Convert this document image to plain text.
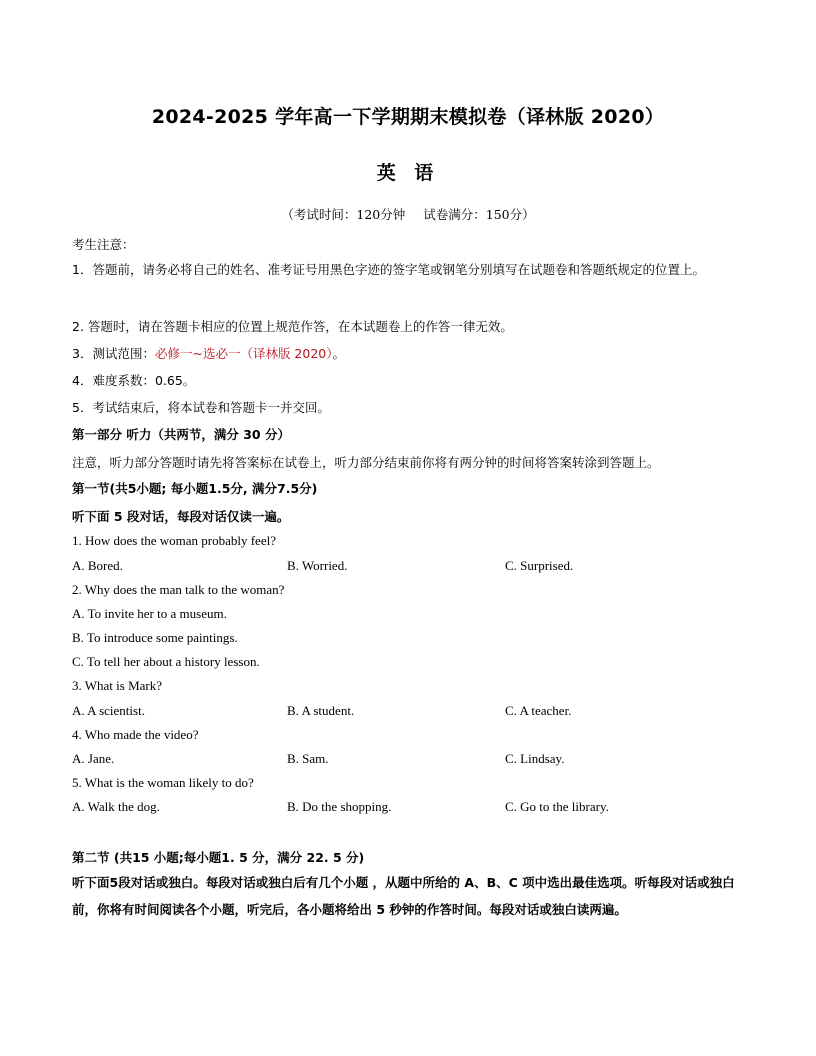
2024-2025 学年高一下学期期末模拟卷（译林版 2020）
英 语
（考试时间：120分钟 试卷满分：150分）
考生注意：
1．答题前，请务必将自己的姓名、准考证号用黑色字迹的签字笔或钢笔分别填写在试题卷和答题纸规定的位置上。
2. 答题时，请在答题卡相应的位置上规范作答，在本试题卷上的作答一律无效。
3．测试范围：必修一~选必一（译林版 2020）。
4．难度系数：0.65。
5．考试结束后，将本试卷和答题卡一并交回。
第一部分 听力（共两节，满分 30 分）
注意，听力部分答题时请先将答案标在试卷上，听力部分结束前你将有两分钟的时间将答案转涂到答题上。
第一节(共5小题; 每小题1.5分, 满分7.5分)
听下面 5 段对话，每段对话仅读一遍。
1. How does the woman probably feel?
A. Bored.	B. Worried.	C. Surprised.
2. Why does the man talk to the woman?
A. To invite her to a museum.
B. To introduce some paintings.
C. To tell her about a history lesson.
3. What is Mark?
A. A scientist.	B. A student.	C. A teacher.
4. Who made the video?
A. Jane.	B. Sam.	C. Lindsay.
5. What is the woman likely to do?
A. Walk the dog.	B. Do the shopping.	C. Go to the library.
第二节 (共15 小题;每小题1. 5 分，满分 22. 5 分)
听下面5段对话或独白。每段对话或独白后有几个小题 ，从题中所给的 A、B、C 项中选出最佳选项。听每段对话或独白前，你将有时间阅读各个小题，听完后，各小题将给出 5 秒钟的作答时间。每段对话或独白读两遍。
